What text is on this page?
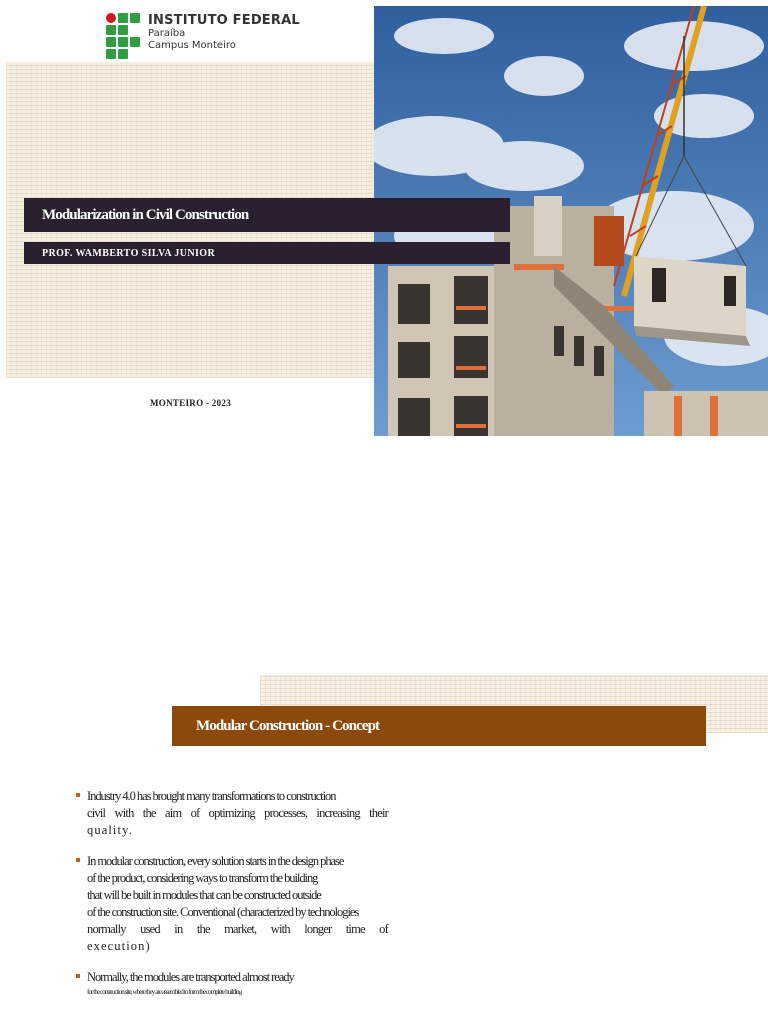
INSTITUTO FEDERAL
Paraíba
Campus Monteiro
Modularization in Civil Construction
PROF. WAMBERTO SILVA JUNIOR
MONTEIRO - 2023
Modular Construction - Concept
Industry 4.0 has brought many transformations to construction
civil with the aim of optimizing processes, increasing their
quality.
In modular construction, every solution starts in the design phase
of the product, considering ways to transform the building
that will be built in modules that can be constructed outside
of the construction site. Conventional (characterized by technologies
normally used in the market, with longer time of
execution)
Normally, the modules are transported almost ready
for the construction site, where they are assembled to form the complete building
